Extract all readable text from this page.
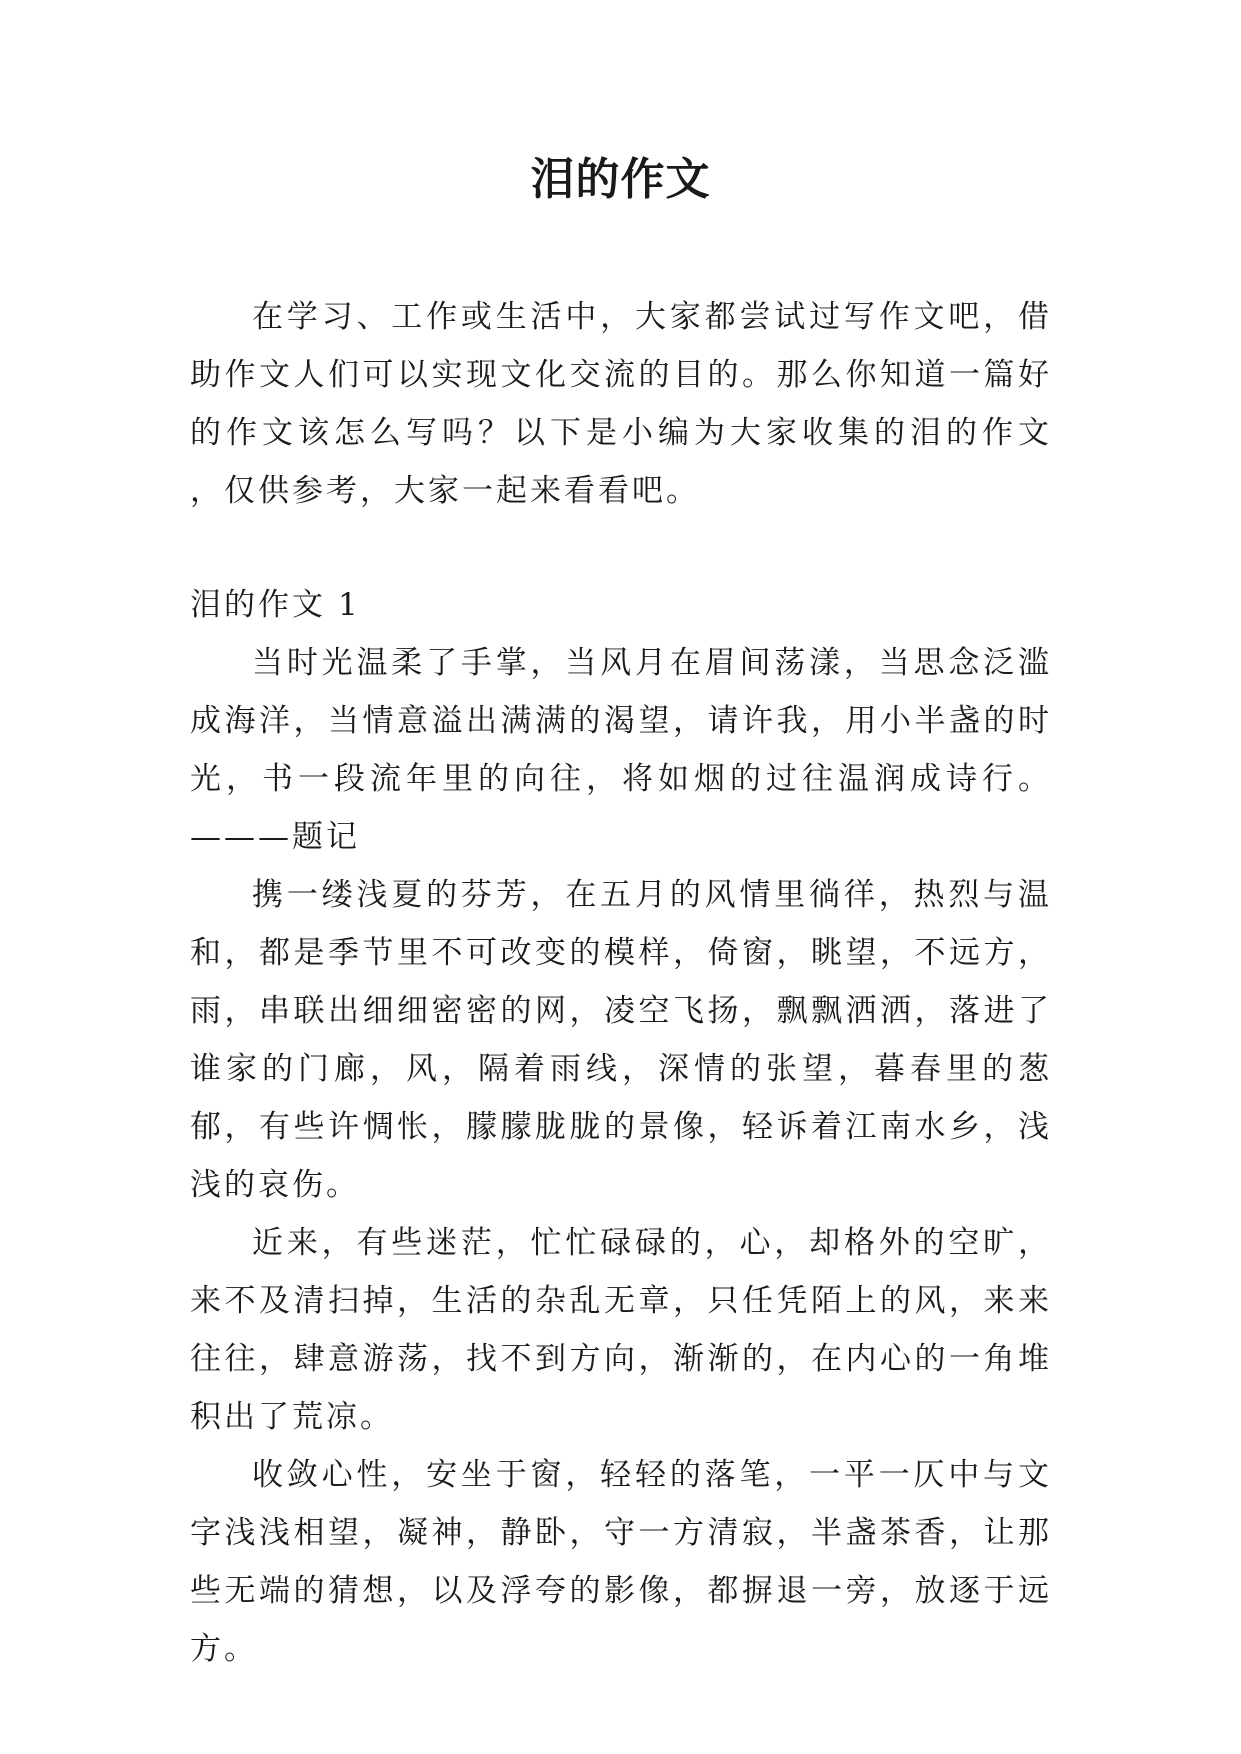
泪的作文

在学习、工作或生活中，大家都尝试过写作文吧，借助作文人们可以实现文化交流的目的。那么你知道一篇好的作文该怎么写吗？以下是小编为大家收集的泪的作文 ，仅供参考，大家一起来看看吧。

泪的作文 1

当时光温柔了手掌，当风月在眉间荡漾，当思念泛滥成海洋，当情意溢出满满的渴望，请许我，用小半盏的时光，书一段流年里的向往，将如烟的过往温润成诗行。———题记

携一缕浅夏的芬芳，在五月的风情里徜徉，热烈与温和，都是季节里不可改变的模样，倚窗，眺望，不远方，雨，串联出细细密密的网，凌空飞扬，飘飘洒洒，落进了谁家的门廊，风，隔着雨线，深情的张望，暮春里的葱郁，有些许惆怅，朦朦胧胧的景像，轻诉着江南水乡，浅浅的哀伤。

近来，有些迷茫，忙忙碌碌的，心，却格外的空旷，来不及清扫掉，生活的杂乱无章，只任凭陌上的风，来来往往，肆意游荡，找不到方向，渐渐的，在内心的一角堆积出了荒凉。

收敛心性，安坐于窗，轻轻的落笔，一平一仄中与文字浅浅相望，凝神，静卧，守一方清寂，半盏茶香，让那些无端的猜想，以及浮夸的影像，都摒退一旁，放逐于远方。
